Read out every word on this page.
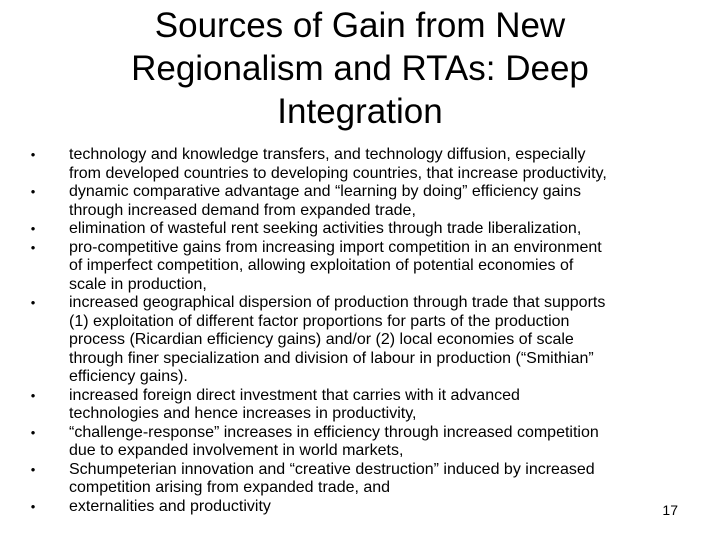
Sources of Gain from New
Regionalism and RTAs: Deep
Integration
• technology and knowledge transfers, and technology diffusion, especially
from developed countries to developing countries, that increase productivity,
• dynamic comparative advantage and “learning by doing” efficiency gains
through increased demand from expanded trade,
• elimination of wasteful rent seeking activities through trade liberalization,
• pro-competitive gains from increasing import competition in an environment
of imperfect competition, allowing exploitation of potential economies of
scale in production,
• increased geographical dispersion of production through trade that supports
(1) exploitation of different factor proportions for parts of the production
process (Ricardian efficiency gains) and/or (2) local economies of scale
through finer specialization and division of labour in production (“Smithian”
efficiency gains).
• increased foreign direct investment that carries with it advanced
technologies and hence increases in productivity,
• “challenge-response” increases in efficiency through increased competition
due to expanded involvement in world markets,
• Schumpeterian innovation and “creative destruction” induced by increased
competition arising from expanded trade, and
• externalities and productivity	17
